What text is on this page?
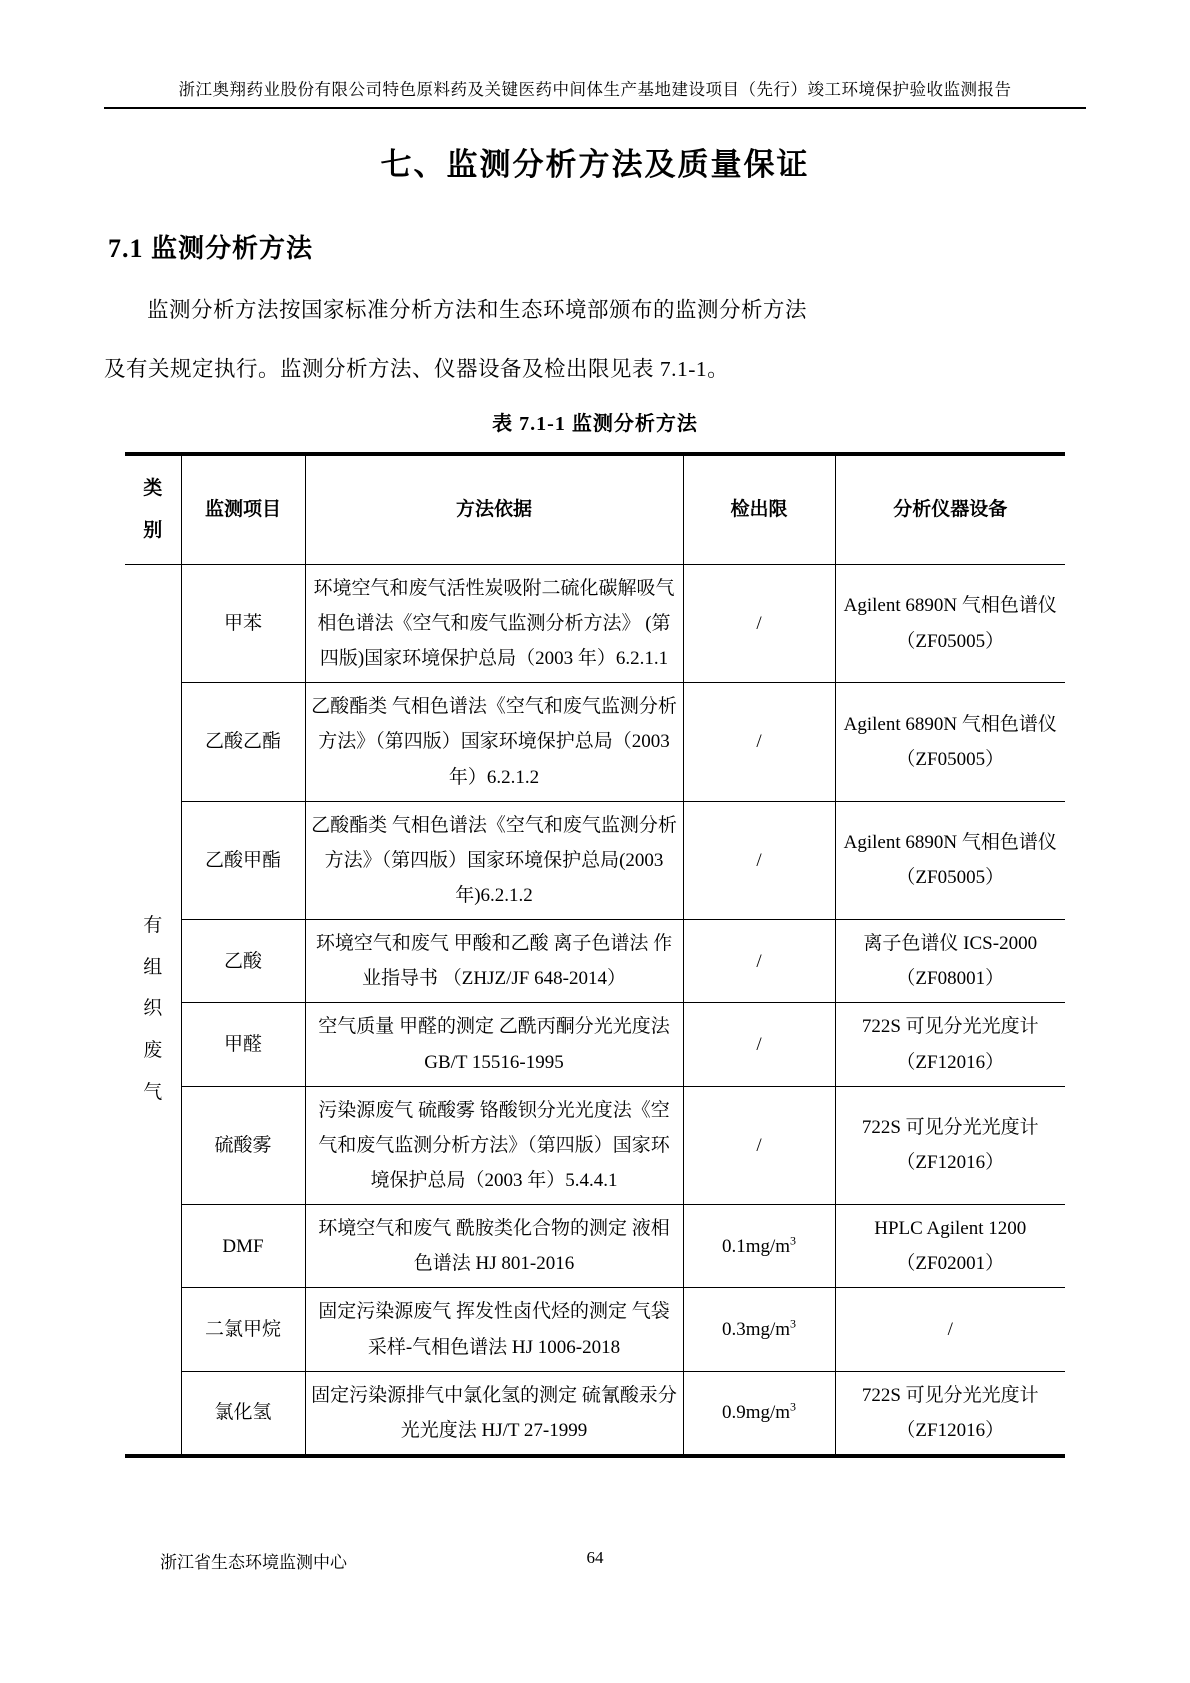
浙江奥翔药业股份有限公司特色原料药及关键医药中间体生产基地建设项目（先行）竣工环境保护验收监测报告
七、监测分析方法及质量保证
7.1 监测分析方法
监测分析方法按国家标准分析方法和生态环境部颁布的监测分析方法
及有关规定执行。监测分析方法、仪器设备及检出限见表 7.1-1。
表 7.1-1 监测分析方法
类别	监测项目	方法依据	检出限	分析仪器设备
有组织废气	甲苯	环境空气和废气活性炭吸附二硫化碳解吸气相色谱法《空气和废气监测分析方法》 (第四版)国家环境保护总局（2003 年）6.2.1.1	/	Agilent 6890N 气相色谱仪（ZF05005）
	乙酸乙酯	乙酸酯类 气相色谱法《空气和废气监测分析方法》（第四版）国家环境保护总局（2003 年）6.2.1.2	/	Agilent 6890N 气相色谱仪（ZF05005）
	乙酸甲酯	乙酸酯类 气相色谱法《空气和废气监测分析方法》（第四版）国家环境保护总局(2003 年)6.2.1.2	/	Agilent 6890N 气相色谱仪（ZF05005）
	乙酸	环境空气和废气 甲酸和乙酸 离子色谱法 作业指导书 （ZHJZ/JF 648-2014）	/	离子色谱仪 ICS-2000（ZF08001）
	甲醛	空气质量 甲醛的测定 乙酰丙酮分光光度法 GB/T 15516-1995	/	722S 可见分光光度计（ZF12016）
	硫酸雾	污染源废气 硫酸雾 铬酸钡分光光度法《空气和废气监测分析方法》（第四版）国家环境保护总局（2003 年）5.4.4.1	/	722S 可见分光光度计（ZF12016）
	DMF	环境空气和废气 酰胺类化合物的测定 液相色谱法 HJ 801-2016	$0.1mg/m^3$	HPLC Agilent 1200（ZF02001）
	二氯甲烷	固定污染源废气 挥发性卤代烃的测定 气袋采样-气相色谱法 HJ 1006-2018	$0.3mg/m^3$	/
	氯化氢	固定污染源排气中氯化氢的测定 硫氰酸汞分光光度法 HJ/T 27-1999	$0.9mg/m^3$	722S 可见分光光度计（ZF12016）
64
浙江省生态环境监测中心
